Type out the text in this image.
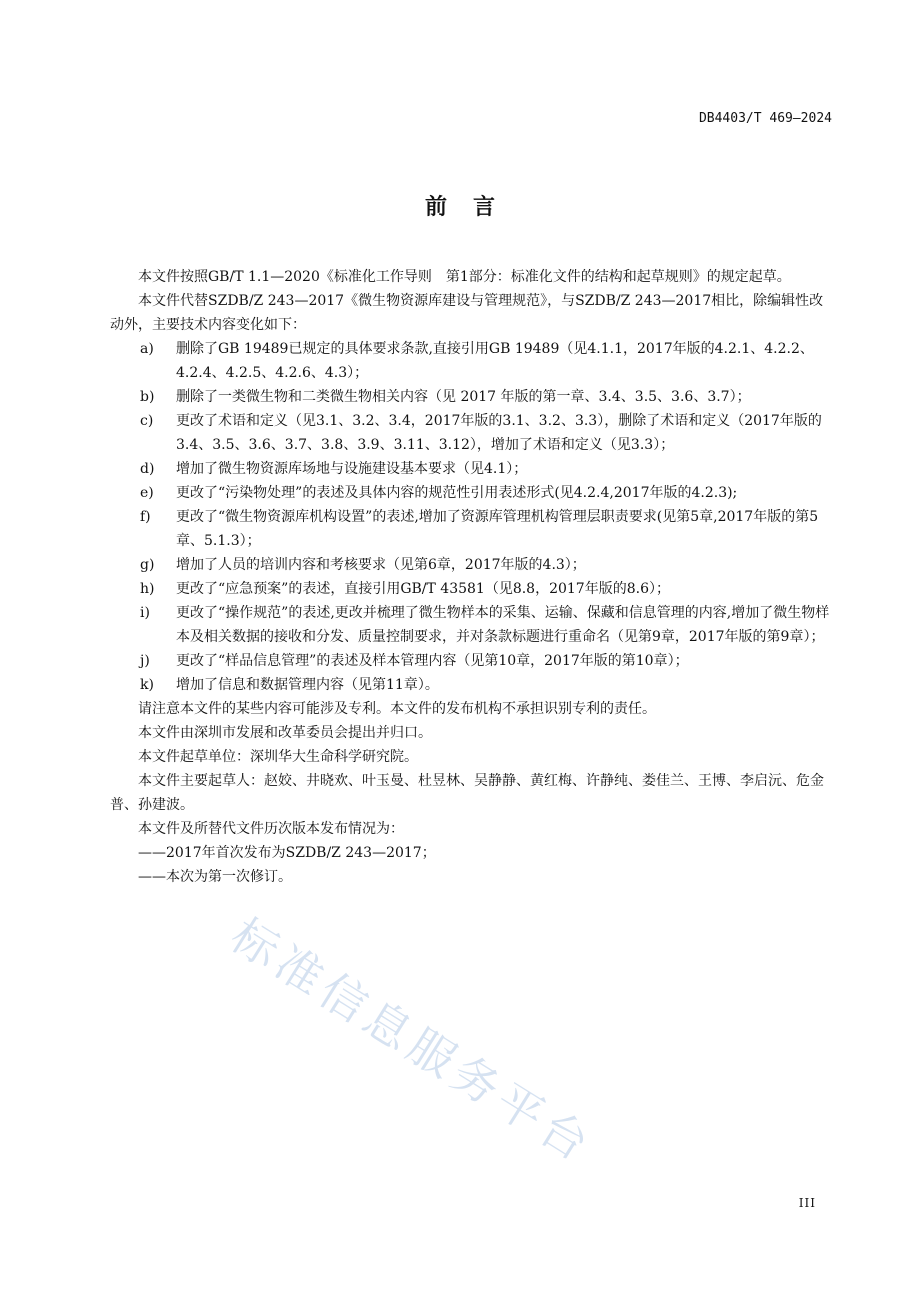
DB4403/T 469—2024
前言

本文件按照GB/T 1.1—2020《标准化工作导则　第1部分：标准化文件的结构和起草规则》的规定起草。

本文件代替SZDB/Z 243—2017《微生物资源库建设与管理规范》，与SZDB/Z 243—2017相比，除编辑性改动外，主要技术内容变化如下：

a)	删除了GB 19489已规定的具体要求条款,直接引用GB 19489（见4.1.1，2017年版的4.2.1、4.2.2、4.2.4、4.2.5、4.2.6、4.3）；
b)	删除了一类微生物和二类微生物相关内容（见 2017 年版的第一章、3.4、3.5、3.6、3.7）；
c)	更改了术语和定义（见3.1、3.2、3.4，2017年版的3.1、3.2、3.3），删除了术语和定义（2017年版的3.4、3.5、3.6、3.7、3.8、3.9、3.11、3.12），增加了术语和定义（见3.3）；
d)	增加了微生物资源库场地与设施建设基本要求（见4.1）；
e)	更改了“污染物处理”的表述及具体内容的规范性引用表述形式(见4.2.4,2017年版的4.2.3);
f)	更改了“微生物资源库机构设置”的表述,增加了资源库管理机构管理层职责要求(见第5章,2017年版的第5章、5.1.3）；
g)	增加了人员的培训内容和考核要求（见第6章，2017年版的4.3）；
h)	更改了“应急预案”的表述，直接引用GB/T 43581（见8.8，2017年版的8.6）；
i)	更改了“操作规范”的表述,更改并梳理了微生物样本的采集、运输、保藏和信息管理的内容,增加了微生物样本及相关数据的接收和分发、质量控制要求，并对条款标题进行重命名（见第9章，2017年版的第9章）；
j)	更改了“样品信息管理”的表述及样本管理内容（见第10章，2017年版的第10章）；
k)	增加了信息和数据管理内容（见第11章）。

请注意本文件的某些内容可能涉及专利。本文件的发布机构不承担识别专利的责任。

本文件由深圳市发展和改革委员会提出并归口。

本文件起草单位：深圳华大生命科学研究院。

本文件主要起草人：赵姣、井晓欢、叶玉曼、杜昱林、吴静静、黄红梅、许静纯、娄佳兰、王博、李启沅、危金普、孙建波。

本文件及所替代文件历次版本发布情况为：

——2017年首次发布为SZDB/Z 243—2017；

——本次为第一次修订。

III
标准信息服务平台
